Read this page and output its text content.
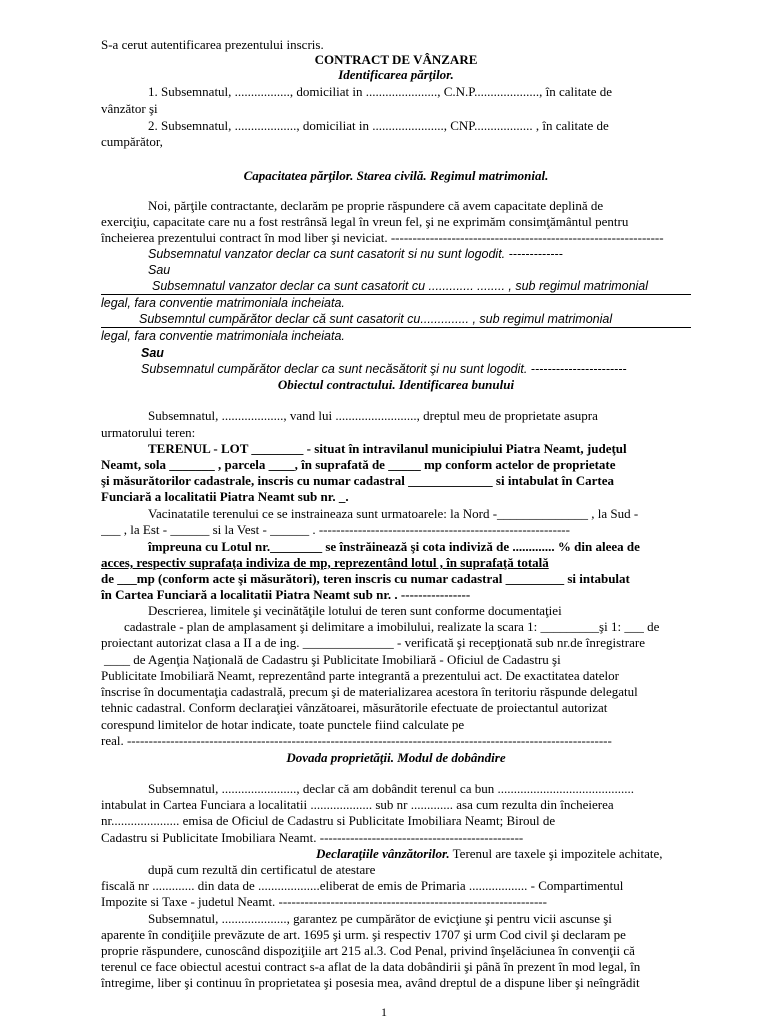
S-a cerut autentificarea prezentului inscris.
CONTRACT DE VÂNZARE
Identificarea părţilor.
1. Subsemnatul, ................., domiciliat in ......................, C.N.P...................., în calitate de
vânzător şi
2. Subsemnatul, ..................., domiciliat in ......................, CNP.................. , în calitate de
cumpărător,
Capacitatea părţilor. Starea civilă. Regimul matrimonial.
Noi, părţile contractante, declarăm pe proprie răspundere că avem capacitate deplină de
exerciţiu, capacitate care nu a fost restrânsă legal în vreun fel, şi ne exprimăm consimţământul pentru
încheierea prezentului contract în mod liber şi neviciat. ---------------------------------------------------------------
Subsemnatul vanzator declar ca sunt casatorit si nu sunt logodit. -------------
Sau
Subsemnatul vanzator declar ca sunt casatorit cu ............. ........ , sub regimul matrimonial
legal, fara conventie matrimoniala incheiata.
Subsemntul cumpărător declar că sunt casatorit cu.............. , sub regimul matrimonial
legal, fara conventie matrimoniala incheiata.
Sau
Subsemnatul cumpărător declar ca sunt necăsătorit şi nu sunt logodit. -----------------------
Obiectul contractului. Identificarea bunului
Subsemnatul, ..................., vand lui ........................., dreptul meu de proprietate asupra
urmatorului teren:
TERENUL - LOT ________ - situat în intravilanul municipiului Piatra Neamt, judeţul
Neamt, sola _______ , parcela ____, în suprafată de _____ mp conform actelor de proprietate
şi măsurătorilor cadastrale, inscris cu numar cadastral _____________ si intabulat în Cartea
Funciară a localitatii Piatra Neamt sub nr. _.
Vacinatatile terenului ce se instraineaza sunt urmatoarele: la Nord -______________ , la Sud -
___ , la Est - ______ si la Vest - ______ . ----------------------------------------------------------
împreuna cu Lotul nr.________ se înstrăinează şi cota indiviză de ............. % din aleea de
acces, respectiv suprafaţa indiviza de mp, reprezentând lotul , în suprafaţă totală
de ___mp (conform acte şi măsurători), teren inscris cu numar cadastral _________ si intabulat
în Cartea Funciară a localitatii Piatra Neamt sub nr. . ----------------
Descrierea, limitele şi vecinătăţile lotului de teren sunt conforme documentaţiei
cadastrale - plan de amplasament şi delimitare a imobilului, realizate la scara 1: _________şi 1: ___ de
proiectant autorizat clasa a II a de ing. ______________ - verificată şi recepţionată sub nr.de înregistrare
____ de Agenţia Naţională de Cadastru şi Publicitate Imobiliară - Oficiul de Cadastru şi
Publicitate Imobiliară Neamt, reprezentând parte integrantă a prezentului act. De exactitatea datelor
înscrise în documentaţia cadastrală, precum şi de materializarea acestora în teritoriu răspunde delegatul
tehnic cadastral. Conform declaraţiei vânzătoarei, măsurătorile efectuate de proiectantul autorizat
corespund limitelor de hotar indicate, toate punctele fiind calculate pe
real. ----------------------------------------------------------------------------------------------------------------
Dovada proprietăţii. Modul de dobândire
Subsemnatul, ......................., declar că am dobândit terenul ca bun ..........................................
intabulat in Cartea Funciara a localitatii ................... sub nr ............. asa cum rezulta din încheierea
nr..................... emisa de Oficiul de Cadastru si Publicitate Imobiliara Neamt; Biroul de
Cadastru si Publicitate Imobiliara Neamt. -----------------------------------------------
Declaraţiile vânzătorilor. Terenul are taxele şi impozitele achitate,
după cum rezultă din certificatul de atestare
fiscală nr ............. din data de ...................eliberat de emis de Primaria .................. - Compartimentul
Impozite si Taxe - judetul Neamt. --------------------------------------------------------------
Subsemnatul, ...................., garantez pe cumpărător de evicţiune şi pentru vicii ascunse şi
aparente în condiţiile prevăzute de art. 1695 şi urm. şi respectiv 1707 şi urm Cod civil şi declaram pe
proprie răspundere, cunoscând dispoziţiile art 215 al.3. Cod Penal, privind înşelăciunea în convenţii că
terenul ce face obiectul acestui contract s-a aflat de la data dobândirii şi până în prezent în mod legal, în
întregime, liber şi continuu în proprietatea şi posesia mea, având dreptul de a dispune liber şi neîngrădit
1
